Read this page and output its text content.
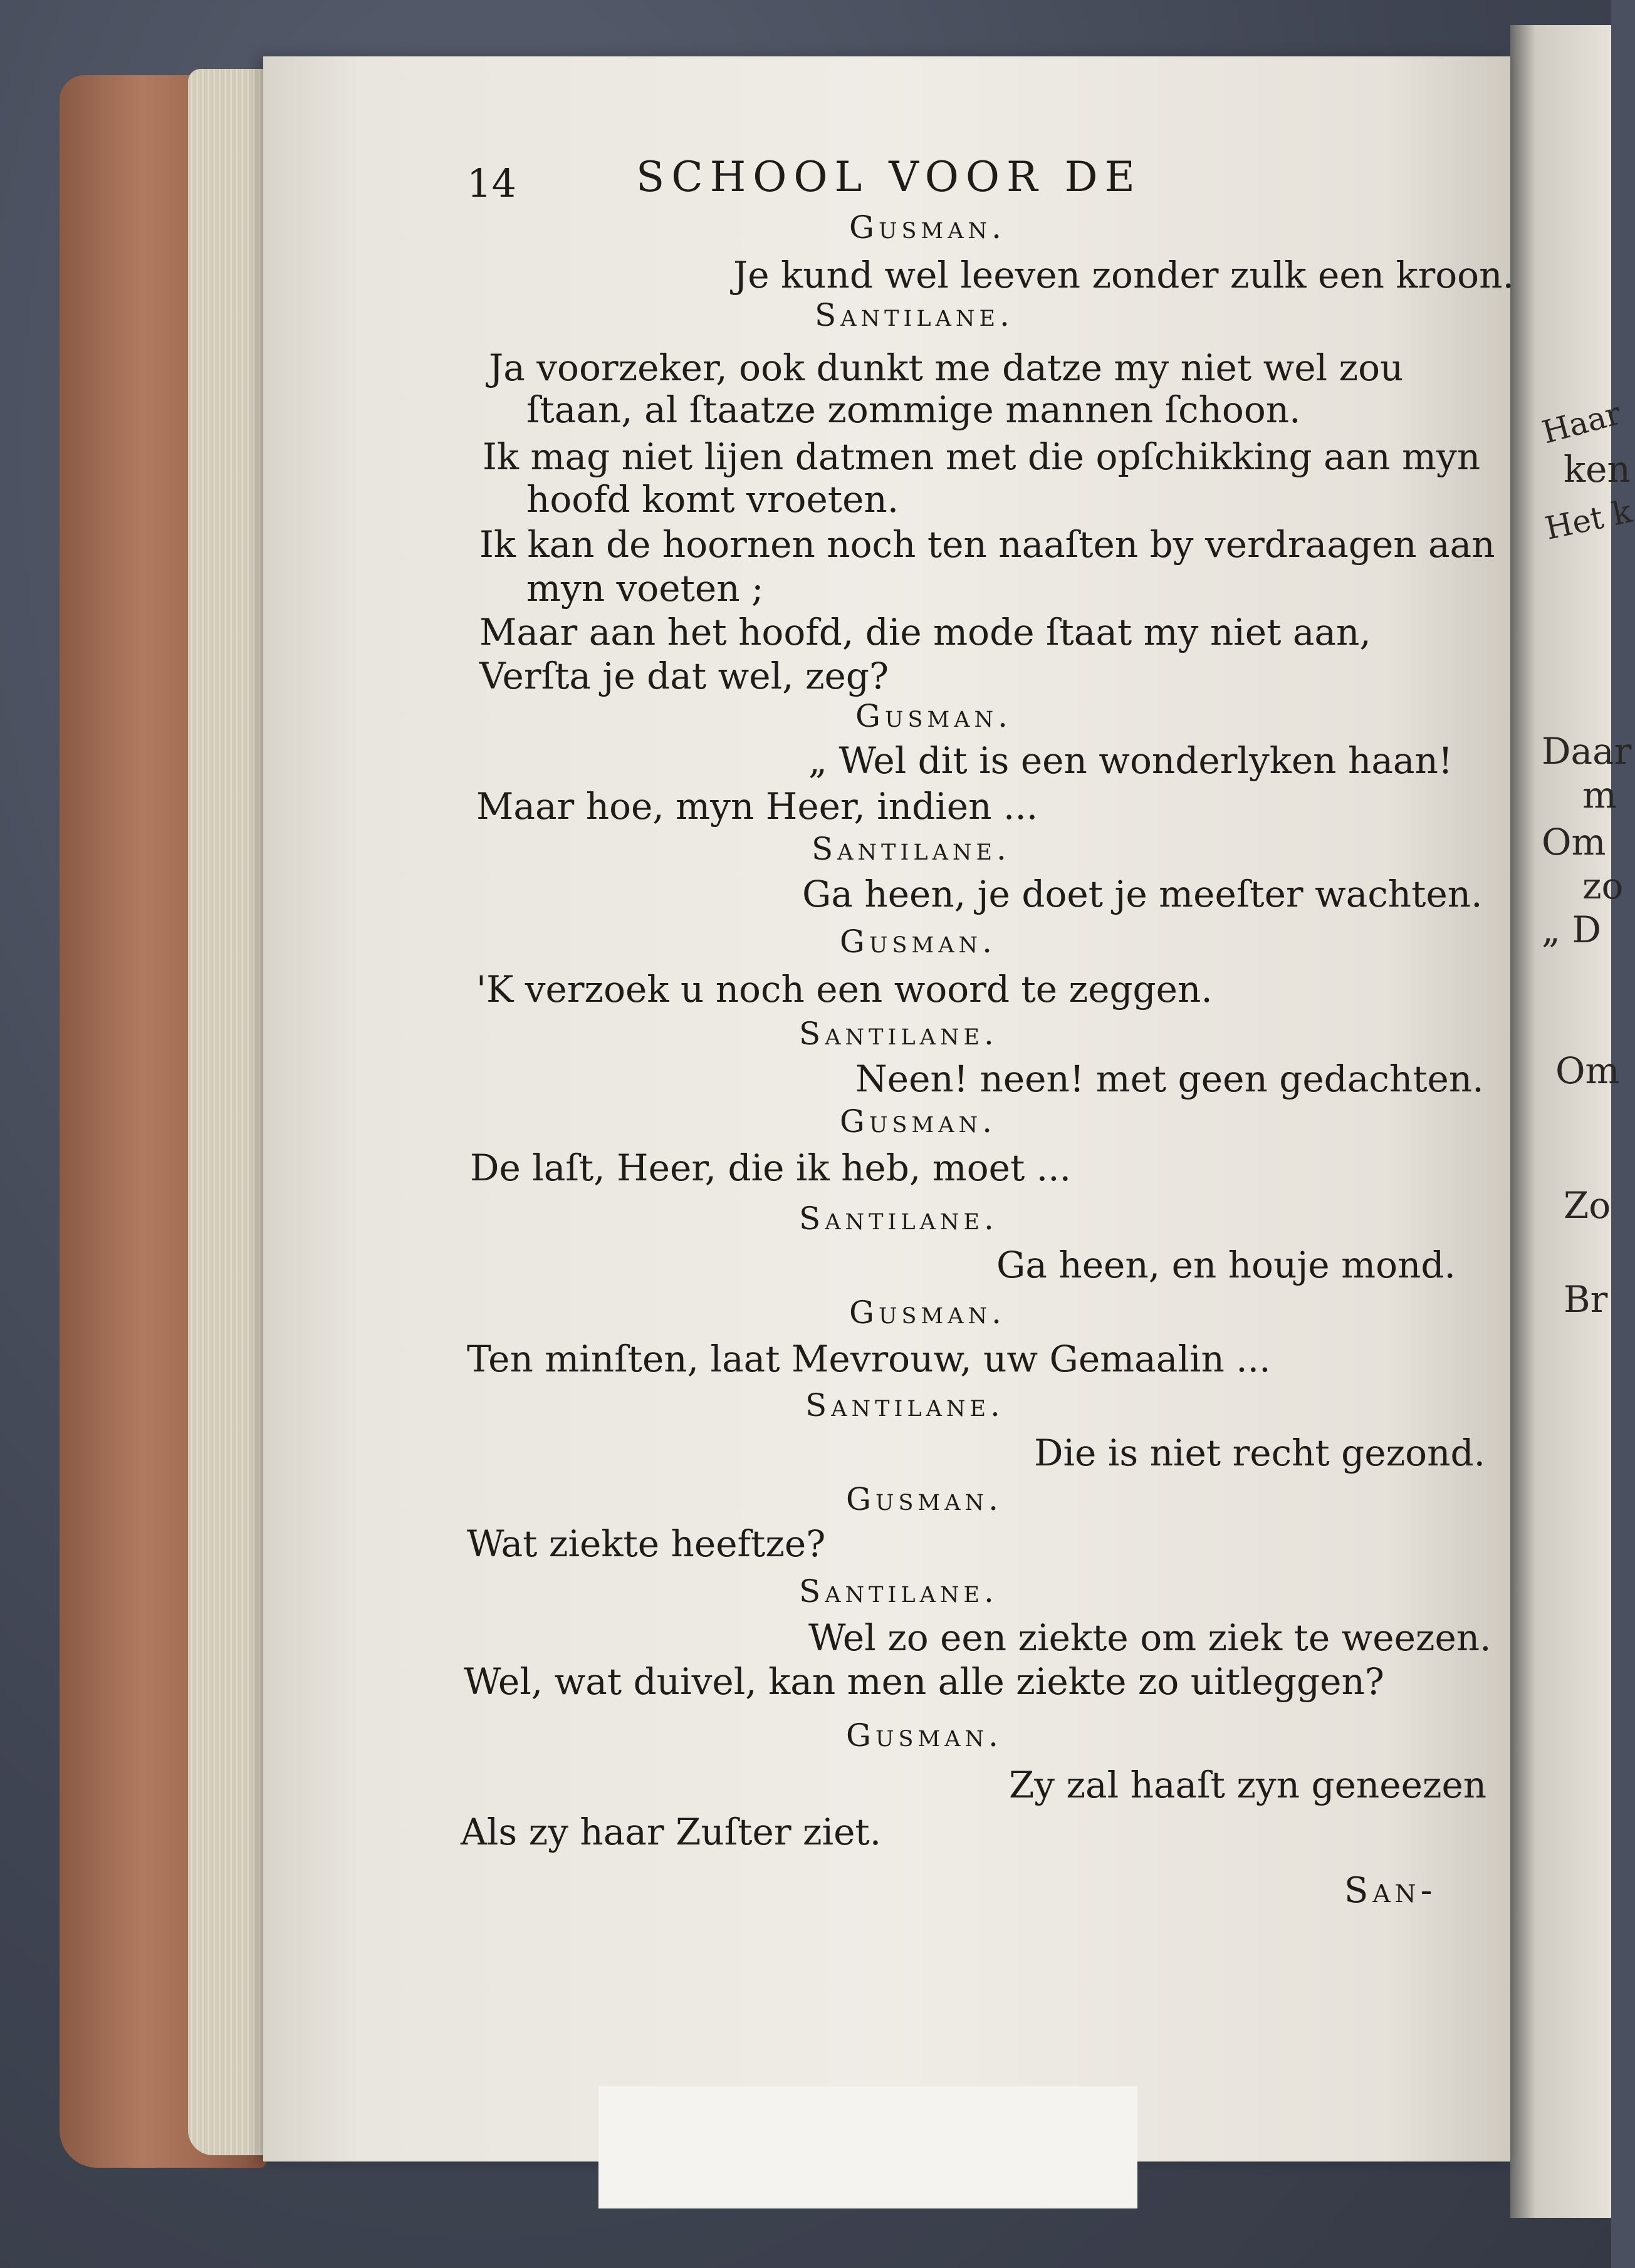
Haar
ken
Het k
Daar
m
Om
zo
„ D
Om
Zo
Br
14	SCHOOL VOOR DE
Gusman.
Je kund wel leeven zonder zulk een kroon.
Santilane.
Ja voorzeker, ook dunkt me datze my niet wel zou
ſtaan, al ſtaatze zommige mannen ſchoon.
Ik mag niet lijen datmen met die opſchikking aan myn
hoofd komt vroeten.
Ik kan de hoornen noch ten naaſten by verdraagen aan
myn voeten ;
Maar aan het hoofd, die mode ſtaat my niet aan,
Verſta je dat wel, zeg?
Gusman.
„ Wel dit is een wonderlyken haan!
Maar hoe, myn Heer, indien ...
Santilane.
Ga heen, je doet je meeſter wachten.
Gusman.
'K verzoek u noch een woord te zeggen.
Santilane.
Neen! neen! met geen gedachten.
Gusman.
De laſt, Heer, die ik heb, moet ...
Santilane.
Ga heen, en houje mond.
Gusman.
Ten minſten, laat Mevrouw, uw Gemaalin ...
Santilane.
Die is niet recht gezond.
Gusman.
Wat ziekte heeftze?
Santilane.
Wel zo een ziekte om ziek te weezen.
Wel, wat duivel, kan men alle ziekte zo uitleggen?
Gusman.
Zy zal haaſt zyn geneezen
Als zy haar Zuſter ziet.
San-
